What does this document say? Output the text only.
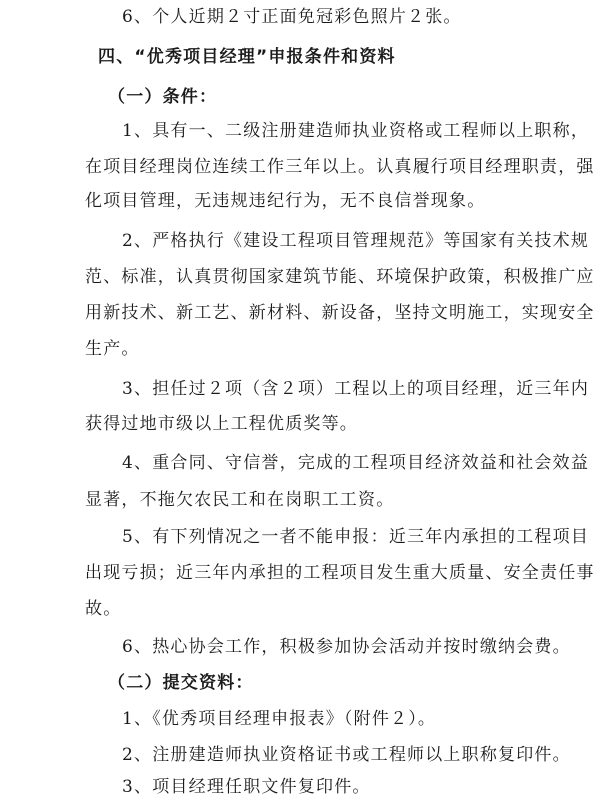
6、个人近期２寸正面免冠彩色照片２张。
四、“优秀项目经理”申报条件和资料
（一）条件：
1、具有一、二级注册建造师执业资格或工程师以上职称，
在项目经理岗位连续工作三年以上。认真履行项目经理职责，强
化项目管理，无违规违纪行为，无不良信誉现象。
2、严格执行《建设工程项目管理规范》等国家有关技术规
范、标准，认真贯彻国家建筑节能、环境保护政策，积极推广应
用新技术、新工艺、新材料、新设备，坚持文明施工，实现安全
生产。
3、担任过２项（含２项）工程以上的项目经理，近三年内
获得过地市级以上工程优质奖等。
4、重合同、守信誉，完成的工程项目经济效益和社会效益
显著，不拖欠农民工和在岗职工工资。
5、有下列情况之一者不能申报：近三年内承担的工程项目
出现亏损；近三年内承担的工程项目发生重大质量、安全责任事
故。
6、热心协会工作，积极参加协会活动并按时缴纳会费。
（二）提交资料：
1、《优秀项目经理申报表》（附件２）。
2、注册建造师执业资格证书或工程师以上职称复印件。
3、项目经理任职文件复印件。
